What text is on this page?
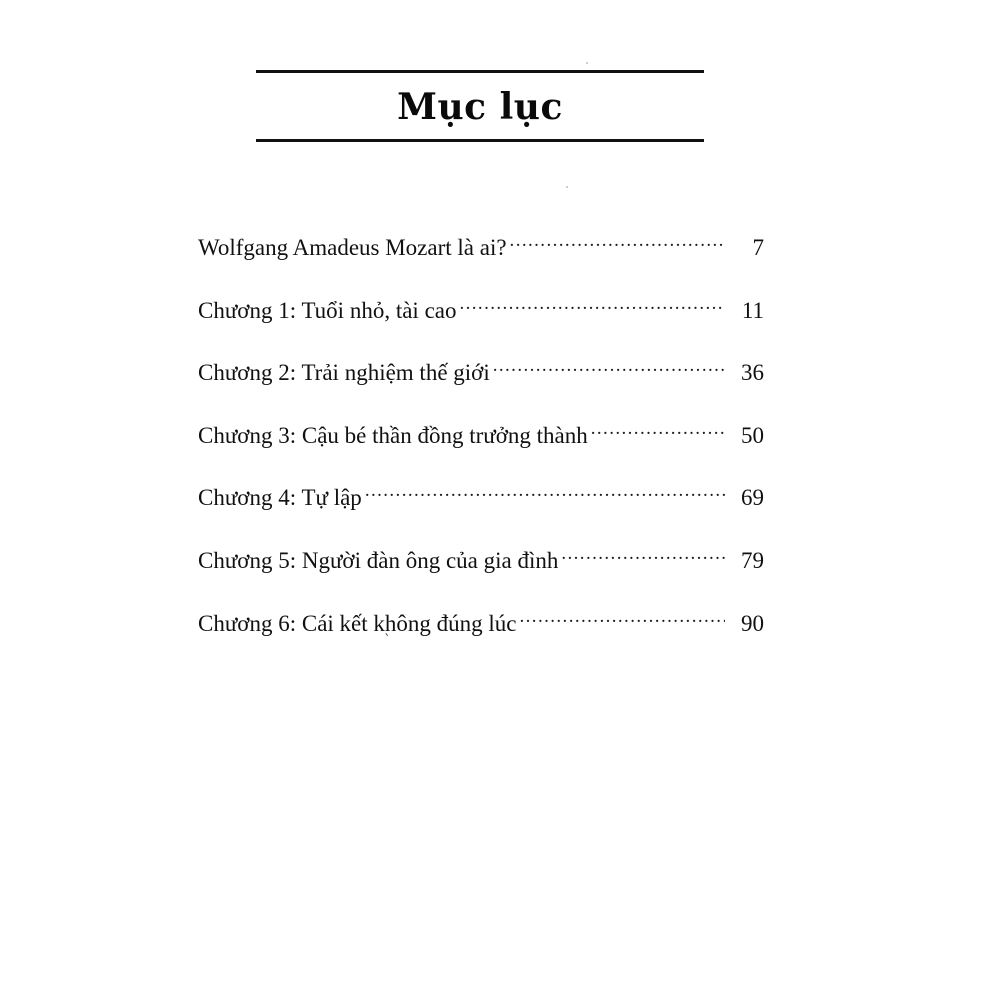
Mục lục
Wolfgang Amadeus Mozart là ai? .....	7
Chương 1: Tuổi nhỏ, tài cao .....	11
Chương 2: Trải nghiệm thế giới .....	36
Chương 3: Cậu bé thần đồng trưởng thành .....	50
Chương 4: Tự lập .....	69
Chương 5: Người đàn ông của gia đình .....	79
Chương 6: Cái kết không đúng lúc .....	90
`
